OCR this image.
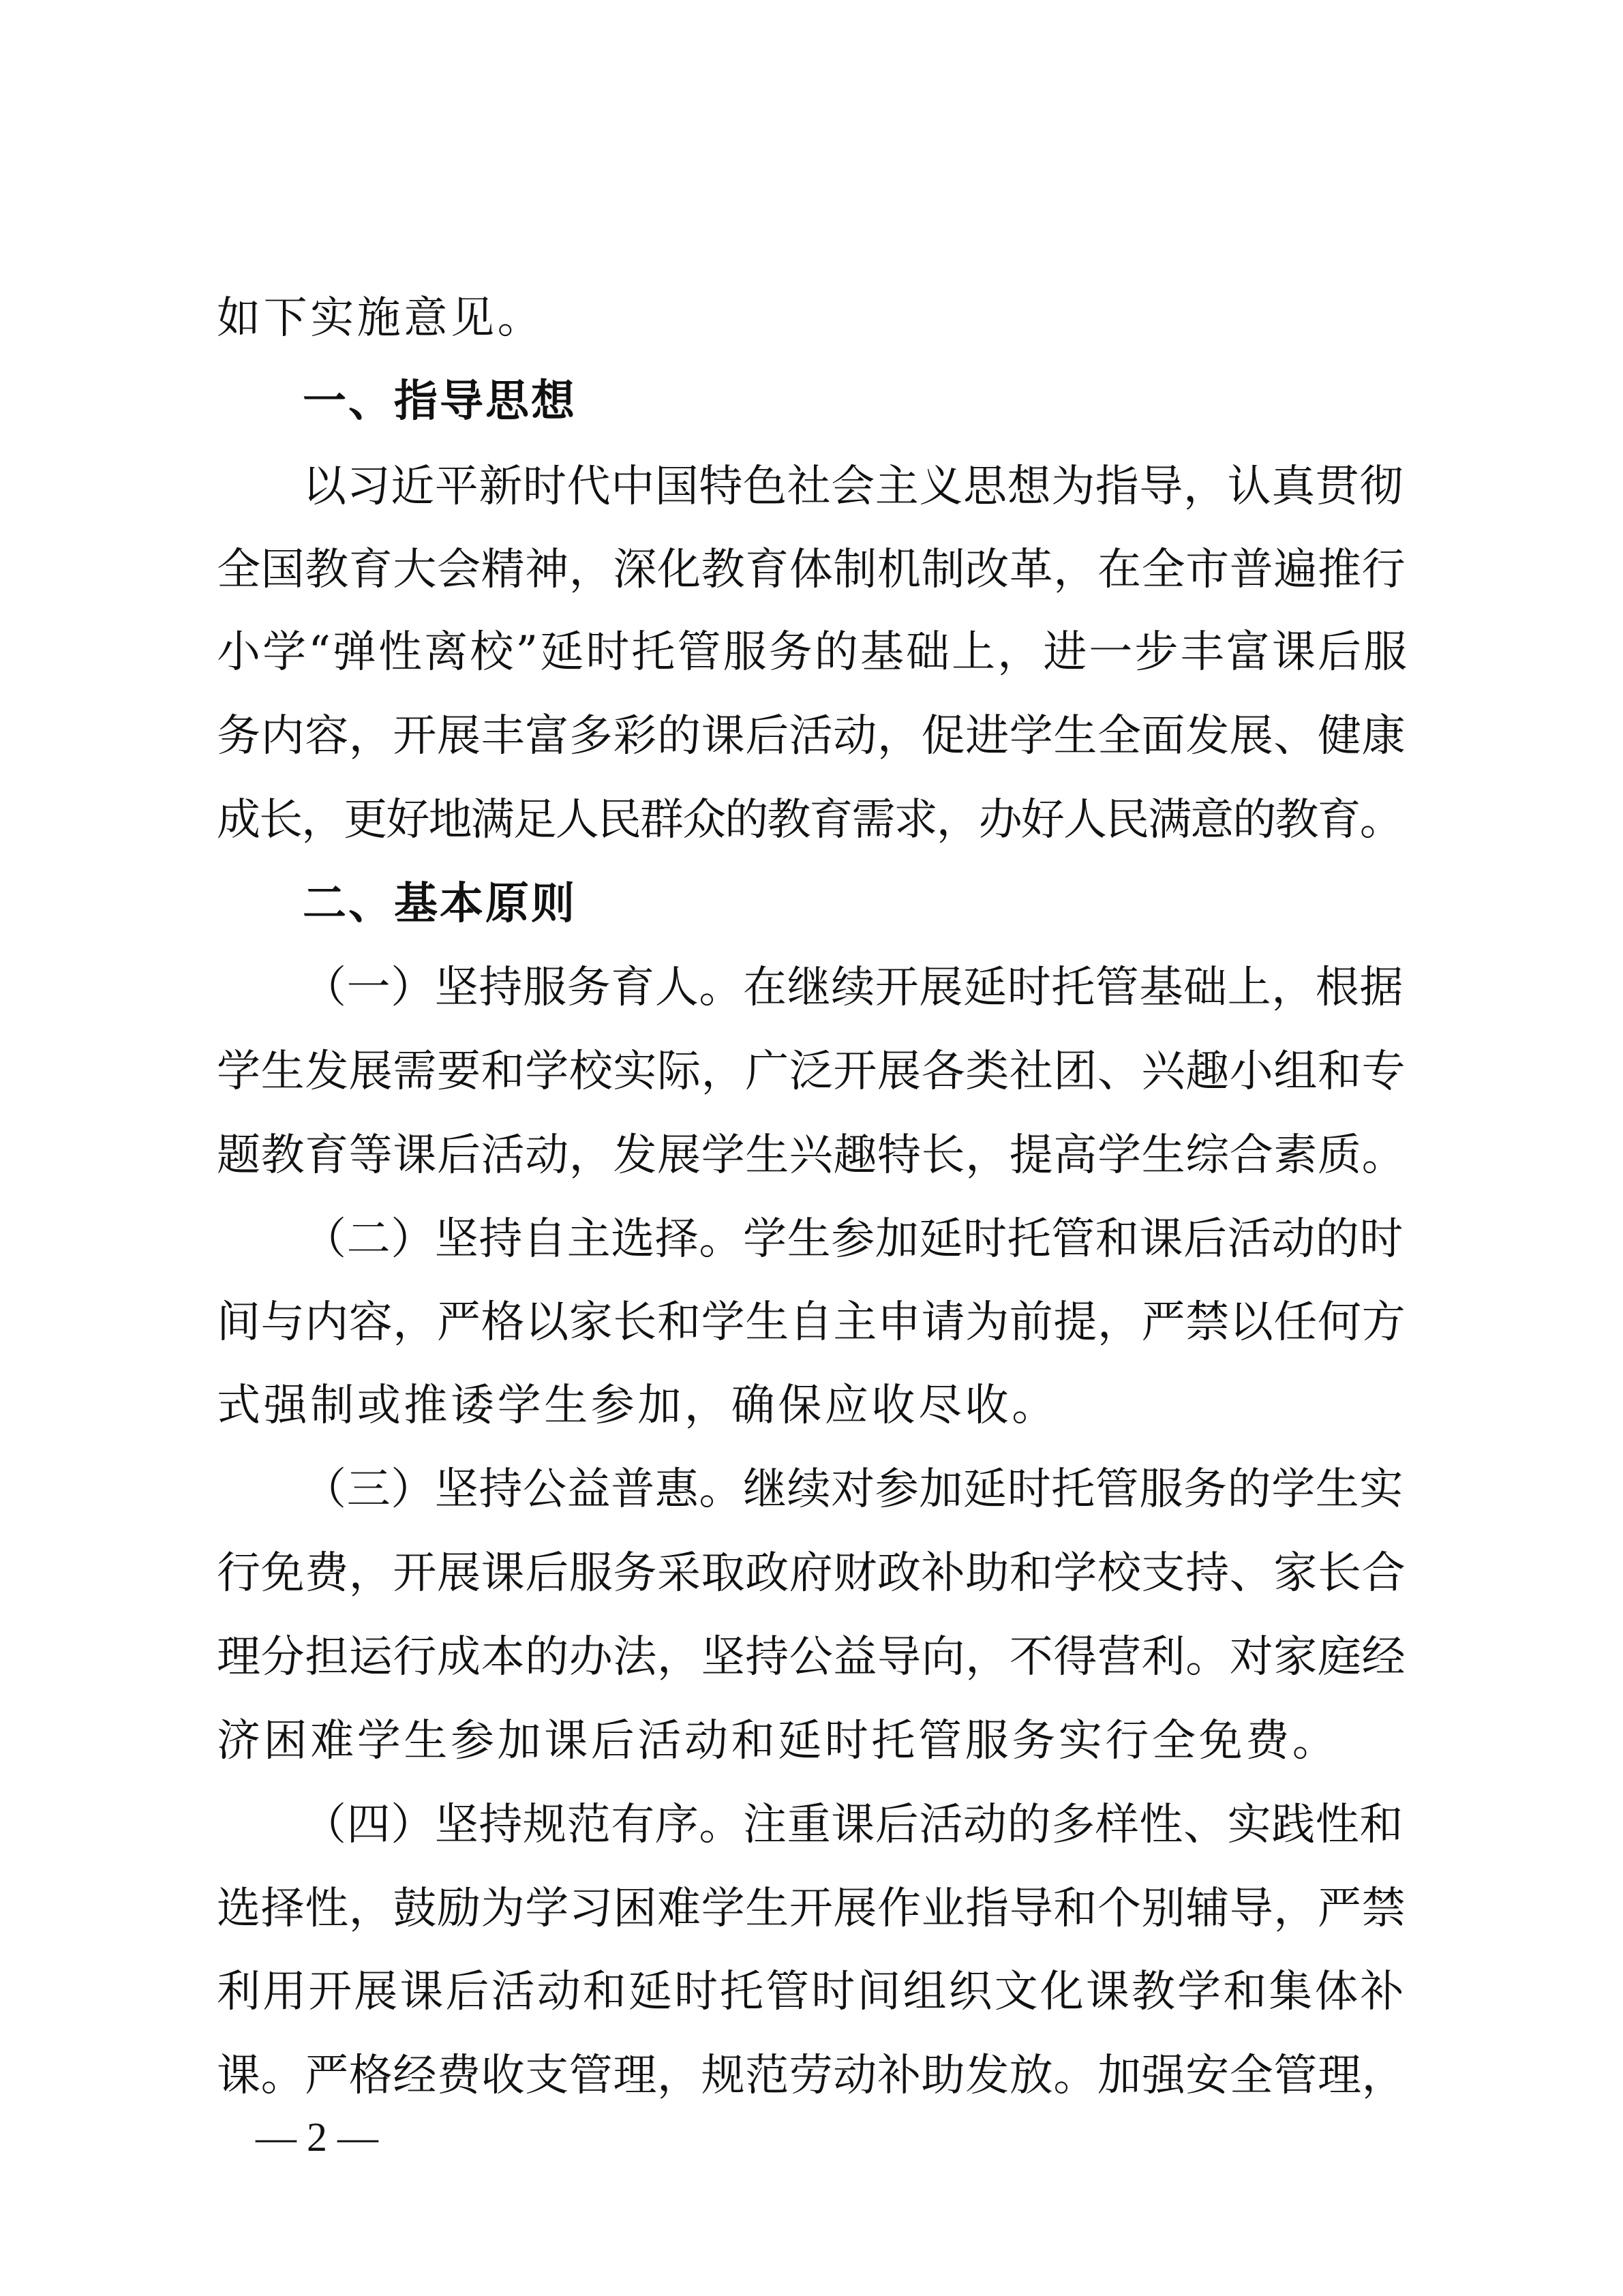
如下实施意见。
一、指导思想
以习近平新时代中国特色社会主义思想为指导，认真贯彻
全国教育大会精神，深化教育体制机制改革，在全市普遍推行
小学“弹性离校”延时托管服务的基础上，进一步丰富课后服
务内容，开展丰富多彩的课后活动，促进学生全面发展、健康
成长，更好地满足人民群众的教育需求，办好人民满意的教育。
二、基本原则
（一）坚持服务育人。在继续开展延时托管基础上，根据
学生发展需要和学校实际，广泛开展各类社团、兴趣小组和专
题教育等课后活动，发展学生兴趣特长，提高学生综合素质。
（二）坚持自主选择。学生参加延时托管和课后活动的时
间与内容，严格以家长和学生自主申请为前提，严禁以任何方
式强制或推诿学生参加，确保应收尽收。
（三）坚持公益普惠。继续对参加延时托管服务的学生实
行免费，开展课后服务采取政府财政补助和学校支持、家长合
理分担运行成本的办法，坚持公益导向，不得营利。对家庭经
济困难学生参加课后活动和延时托管服务实行全免费。
（四）坚持规范有序。注重课后活动的多样性、实践性和
选择性，鼓励为学习困难学生开展作业指导和个别辅导，严禁
利用开展课后活动和延时托管时间组织文化课教学和集体补
课。严格经费收支管理，规范劳动补助发放。加强安全管理，
— 2 —
